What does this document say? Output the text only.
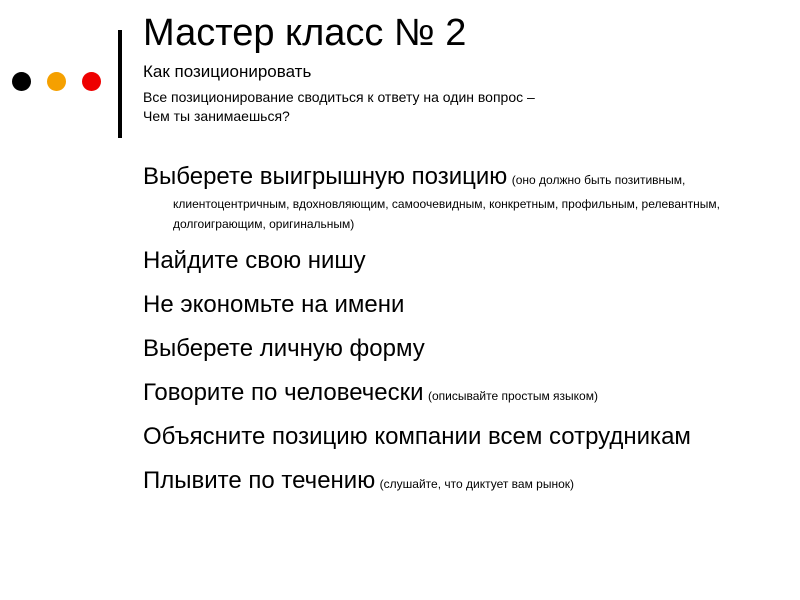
Мастер класс № 2

Как позиционировать

Все позиционирование сводиться к ответу на один вопрос –
Чем ты занимаешься?

Выберете выигрышную позицию (оно должно быть позитивным, клиентоцентричным, вдохновляющим, самоочевидным, конкретным, профильным, релевантным, долгоиграющим, оригинальным)
Найдите свою нишу
Не экономьте на имени
Выберете личную форму
Говорите по человечески (описывайте простым языком)
Объясните позицию компании всем сотрудникам
Плывите по течению (слушайте, что диктует вам рынок)
